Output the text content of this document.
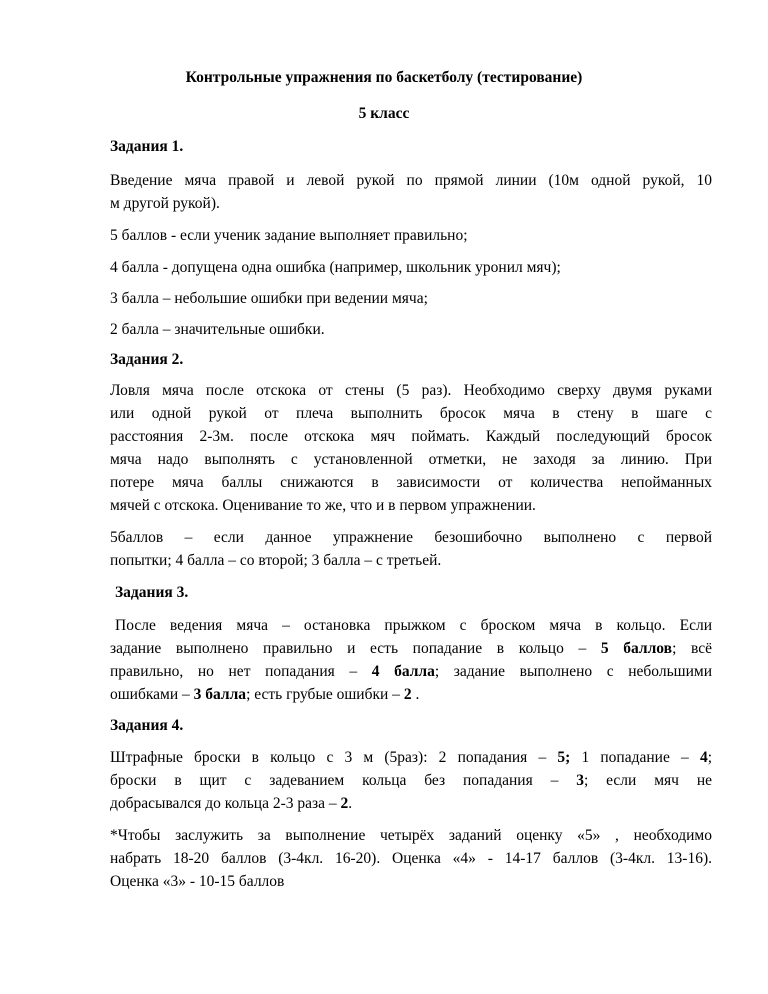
Контрольные упражнения по баскетболу (тестирование)
5 класс
Задания 1.
Введение мяча правой и левой рукой по прямой линии (10м одной рукой, 10
м другой рукой).
5 баллов - если ученик задание выполняет правильно;
4 балла - допущена одна ошибка (например, школьник уронил мяч);
3 балла – небольшие ошибки при ведении мяча;
2 балла – значительные ошибки.
Задания 2.
Ловля мяча после отскока от стены (5 раз). Необходимо сверху двумя руками
или одной рукой от плеча выполнить бросок мяча в стену в шаге с
расстояния 2-3м. после отскока мяч поймать. Каждый последующий бросок
мяча надо выполнять с установленной отметки, не заходя за линию. При
потере мяча баллы снижаются в зависимости от количества непойманных
мячей с отскока. Оценивание то же, что и в первом упражнении.
5баллов – если данное упражнение безошибочно выполнено с первой
попытки; 4 балла – со второй; 3 балла – с третьей.
Задания 3.
После ведения мяча – остановка прыжком с броском мяча в кольцо. Если
задание выполнено правильно и есть попадание в кольцо – 5 баллов; всё
правильно, но нет попадания – 4 балла; задание выполнено с небольшими
ошибками – 3 балла; есть грубые ошибки – 2 .
Задания 4.
Штрафные броски в кольцо с 3 м (5раз): 2 попадания – 5; 1 попадание – 4;
броски в щит с задеванием кольца без попадания – 3; если мяч не
добрасывался до кольца 2-3 раза – 2.
*Чтобы заслужить за выполнение четырёх заданий оценку «5» , необходимо
набрать 18-20 баллов (3-4кл. 16-20). Оценка «4» - 14-17 баллов (3-4кл. 13-16).
Оценка «3» - 10-15 баллов
